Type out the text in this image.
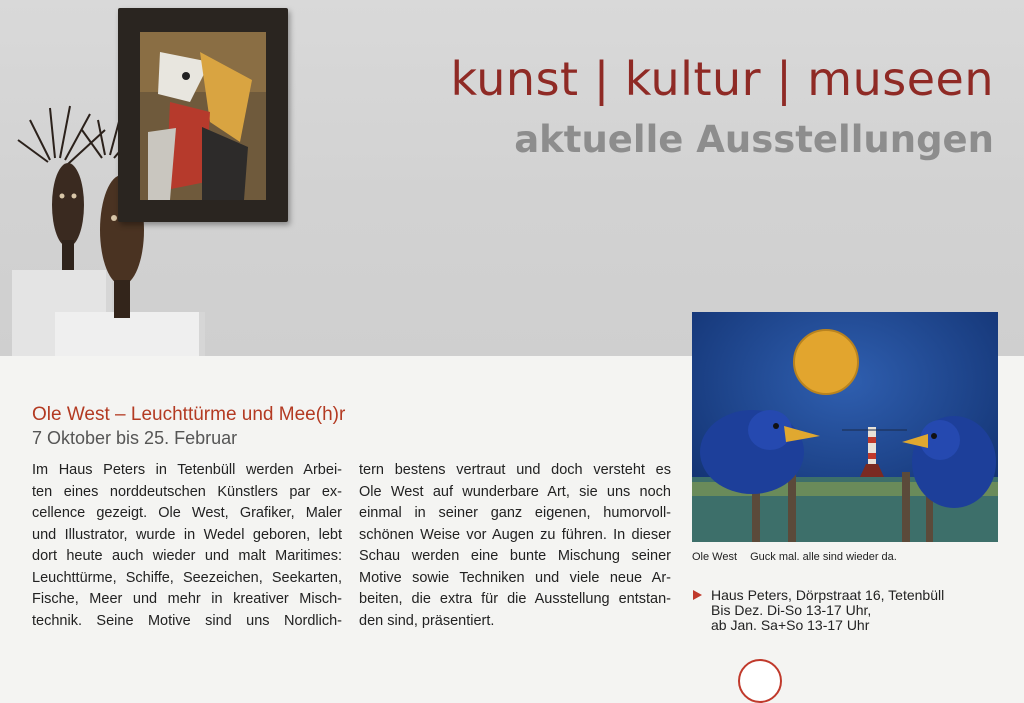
kunst | kultur | museen
aktuelle Ausstellungen
Ole West – Leuchttürme und Mee(h)r

7 Oktober bis 25. Februar

Im Haus Peters in Tetenbüll werden Arbei-
ten eines norddeutschen Künstlers par ex-
cellence gezeigt. Ole West, Grafiker, Maler
und Illustrator, wurde in Wedel geboren, lebt
dort heute auch wieder und malt Maritimes:
Leuchttürme, Schiffe, Seezeichen, Seekarten,
Fische, Meer und mehr in kreativer Misch-
technik. Seine Motive sind uns Nordlich-
tern bestens vertraut und doch versteht es
Ole West auf wunderbare Art, sie uns noch
einmal in seiner ganz eigenen, humorvoll-
schönen Weise vor Augen zu führen. In dieser
Schau werden eine bunte Mischung seiner
Motive sowie Techniken und viele neue Ar-
beiten, die extra für die Ausstellung entstan-
den sind, präsentiert.
Ole West Guck mal. alle sind wieder da.
Haus Peters, Dörpstraat 16, Tetenbüll
Bis Dez. Di-So 13-17 Uhr,
ab Jan. Sa+So 13-17 Uhr
